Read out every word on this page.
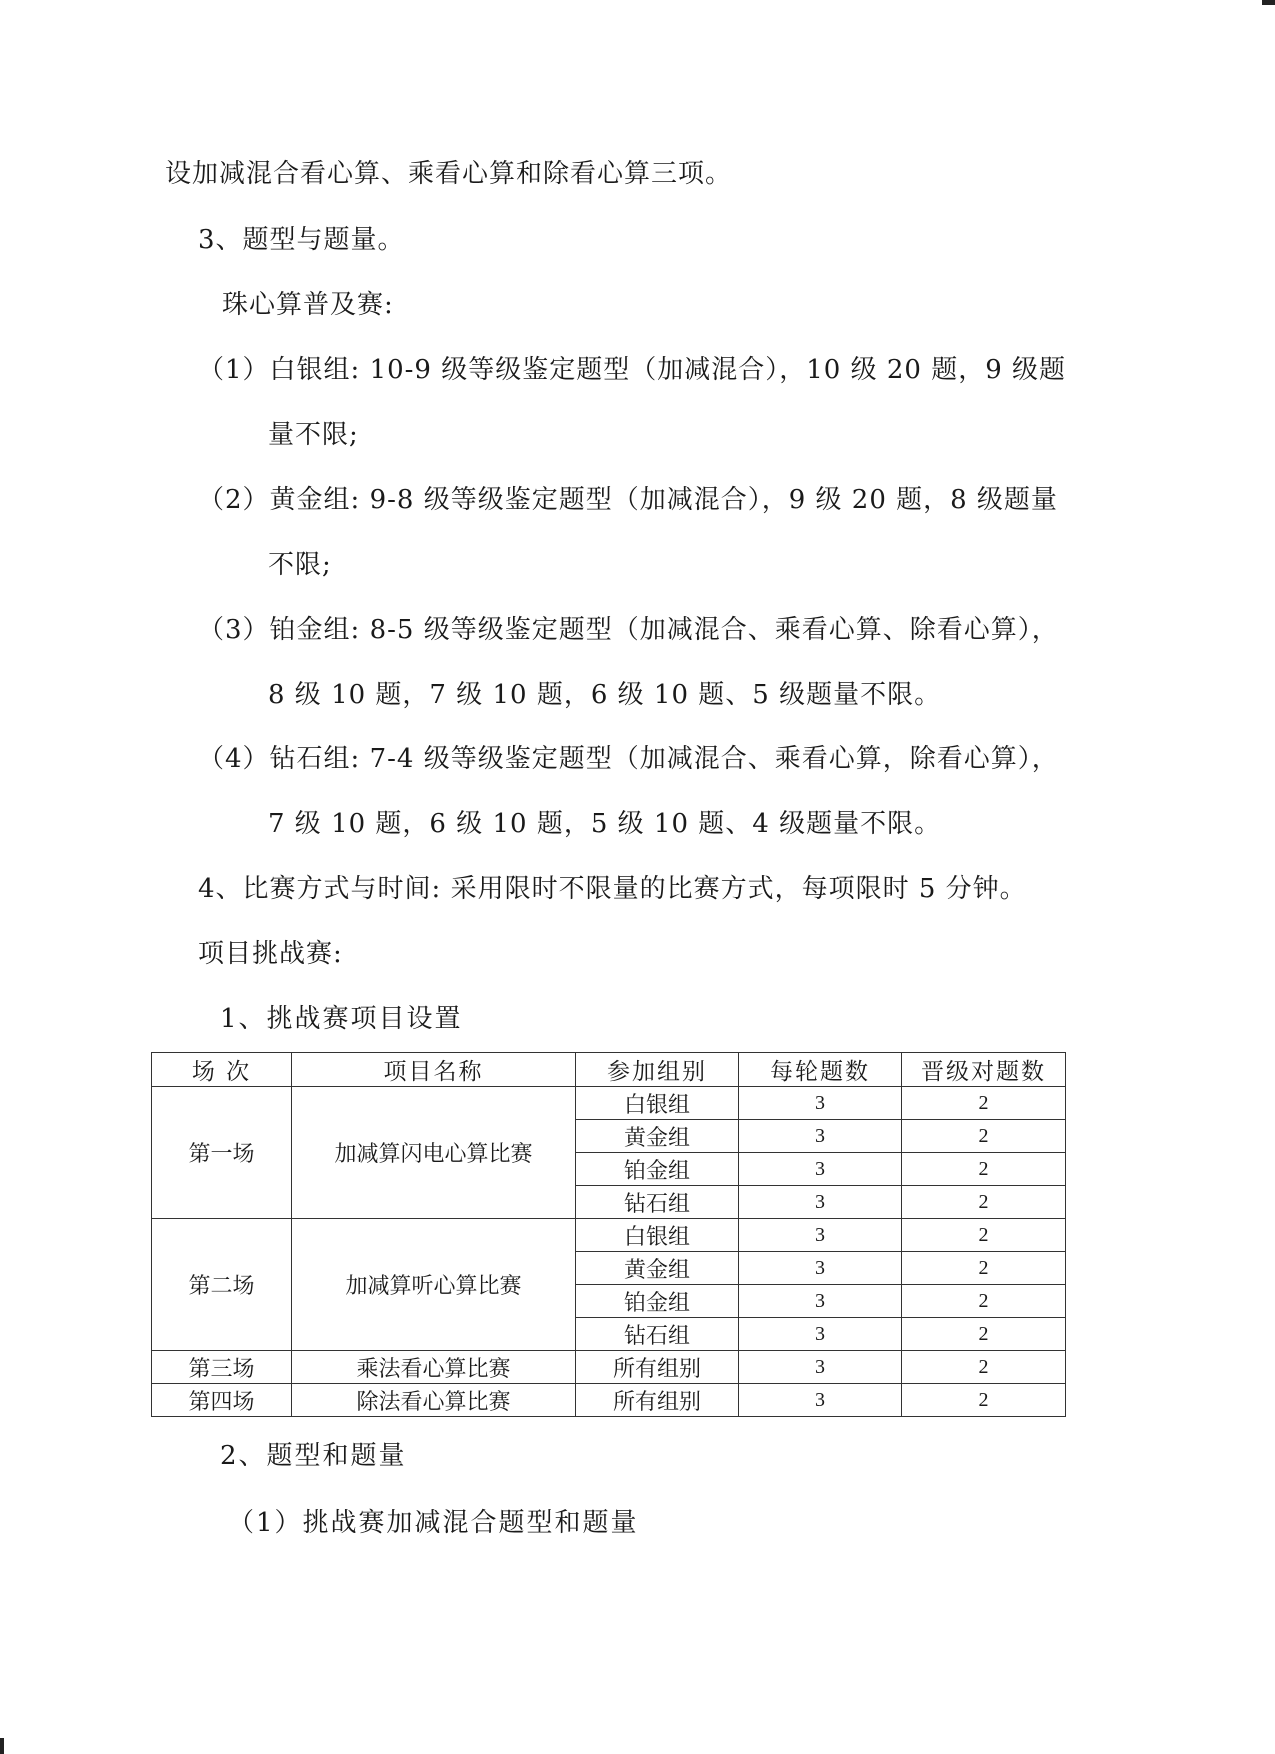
设加减混合看心算、乘看心算和除看心算三项。
3、题型与题量。
珠心算普及赛:
（1）白银组: 10-9 级等级鉴定题型（加减混合），10 级 20 题，9 级题
量不限;
（2）黄金组: 9-8 级等级鉴定题型（加减混合），9 级 20 题，8 级题量
不限;
（3）铂金组: 8-5 级等级鉴定题型（加减混合、乘看心算、除看心算），
8 级 10 题，7 级 10 题，6 级 10 题、5 级题量不限。
（4）钻石组: 7-4 级等级鉴定题型（加减混合、乘看心算，除看心算），
7 级 10 题，6 级 10 题，5 级 10 题、4 级题量不限。
4、比赛方式与时间: 采用限时不限量的比赛方式，每项限时 5 分钟。
项目挑战赛:
1、挑战赛项目设置
场 次	项目名称	参加组别	每轮题数	晋级对题数
第一场	加减算闪电心算比赛	白银组	3	2
		黄金组	3	2
		铂金组	3	2
		钻石组	3	2
第二场	加减算听心算比赛	白银组	3	2
		黄金组	3	2
		铂金组	3	2
		钻石组	3	2
第三场	乘法看心算比赛	所有组别	3	2
第四场	除法看心算比赛	所有组别	3	2
2、题型和题量
（1）挑战赛加减混合题型和题量
